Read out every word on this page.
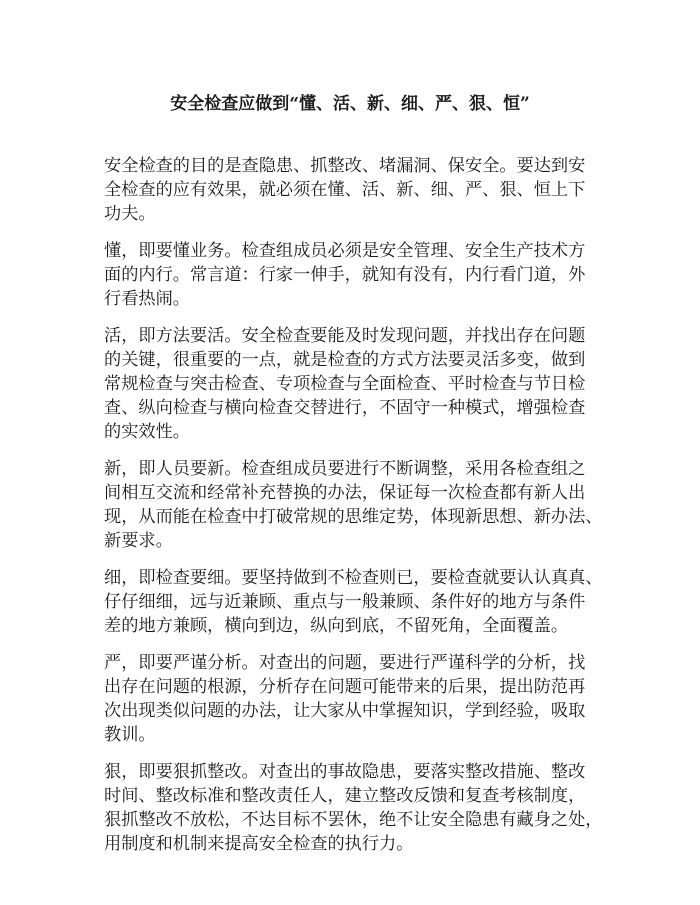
安全检查应做到“懂、活、新、细、严、狠、恒”

安全检查的目的是查隐患、抓整改、堵漏洞、保安全。要达到安
全检查的应有效果，就必须在懂、活、新、细、严、狠、恒上下
功夫。

懂，即要懂业务。检查组成员必须是安全管理、安全生产技术方
面的内行。常言道：行家一伸手，就知有没有，内行看门道，外
行看热闹。

活，即方法要活。安全检查要能及时发现问题，并找出存在问题
的关键，很重要的一点，就是检查的方式方法要灵活多变，做到
常规检查与突击检查、专项检查与全面检查、平时检查与节日检
查、纵向检查与横向检查交替进行，不固守一种模式，增强检查
的实效性。

新，即人员要新。检查组成员要进行不断调整，采用各检查组之
间相互交流和经常补充替换的办法，保证每一次检查都有新人出
现，从而能在检查中打破常规的思维定势，体现新思想、新办法、
新要求。

细，即检查要细。要坚持做到不检查则已，要检查就要认认真真、
仔仔细细，远与近兼顾、重点与一般兼顾、条件好的地方与条件
差的地方兼顾，横向到边，纵向到底，不留死角，全面覆盖。

严，即要严谨分析。对查出的问题，要进行严谨科学的分析，找
出存在问题的根源，分析存在问题可能带来的后果，提出防范再
次出现类似问题的办法，让大家从中掌握知识，学到经验，吸取
教训。

狠，即要狠抓整改。对查出的事故隐患，要落实整改措施、整改
时间、整改标准和整改责任人，建立整改反馈和复查考核制度，
狠抓整改不放松，不达目标不罢休，绝不让安全隐患有藏身之处，
用制度和机制来提高安全检查的执行力。
